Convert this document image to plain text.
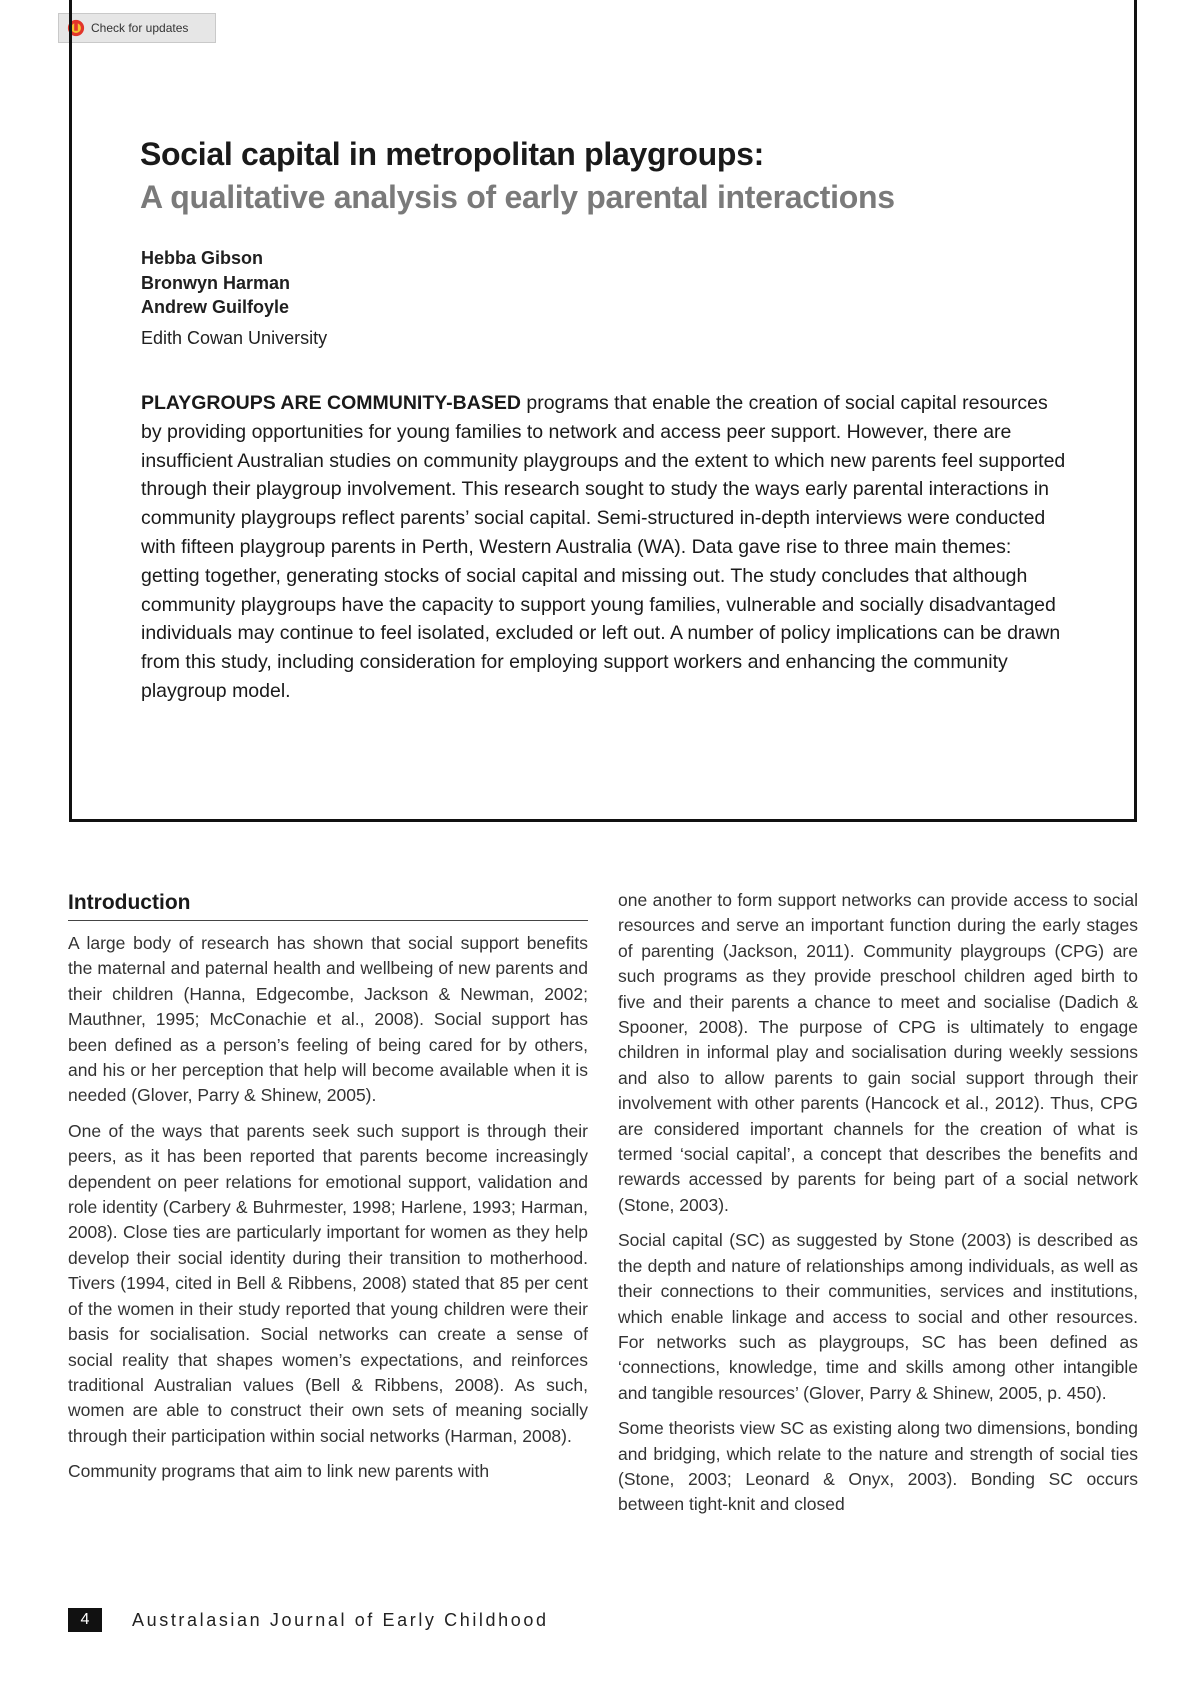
Check for updates
Social capital in metropolitan playgroups:
A qualitative analysis of early parental interactions
Hebba Gibson
Bronwyn Harman
Andrew Guilfoyle
Edith Cowan University

PLAYGROUPS ARE COMMUNITY-BASED programs that enable the creation of social capital resources by providing opportunities for young families to network and access peer support. However, there are insufficient Australian studies on community playgroups and the extent to which new parents feel supported through their playgroup involvement. This research sought to study the ways early parental interactions in community playgroups reflect parents’ social capital. Semi-structured in-depth interviews were conducted with fifteen playgroup parents in Perth, Western Australia (WA). Data gave rise to three main themes: getting together, generating stocks of social capital and missing out. The study concludes that although community playgroups have the capacity to support young families, vulnerable and socially disadvantaged individuals may continue to feel isolated, excluded or left out. A number of policy implications can be drawn from this study, including consideration for employing support workers and enhancing the community playgroup model.

Introduction

A large body of research has shown that social support benefits the maternal and paternal health and wellbeing of new parents and their children (Hanna, Edgecombe, Jackson & Newman, 2002; Mauthner, 1995; McConachie et al., 2008). Social support has been defined as a person’s feeling of being cared for by others, and his or her perception that help will become available when it is needed (Glover, Parry & Shinew, 2005).

One of the ways that parents seek such support is through their peers, as it has been reported that parents become increasingly dependent on peer relations for emotional support, validation and role identity (Carbery & Buhrmester, 1998; Harlene, 1993; Harman, 2008). Close ties are particularly important for women as they help develop their social identity during their transition to motherhood. Tivers (1994, cited in Bell & Ribbens, 2008) stated that 85 per cent of the women in their study reported that young children were their basis for socialisation. Social networks can create a sense of social reality that shapes women’s expectations, and reinforces traditional Australian values (Bell & Ribbens, 2008). As such, women are able to construct their own sets of meaning socially through their participation within social networks (Harman, 2008).

Community programs that aim to link new parents with

one another to form support networks can provide access to social resources and serve an important function during the early stages of parenting (Jackson, 2011). Community playgroups (CPG) are such programs as they provide preschool children aged birth to five and their parents a chance to meet and socialise (Dadich & Spooner, 2008). The purpose of CPG is ultimately to engage children in informal play and socialisation during weekly sessions and also to allow parents to gain social support through their involvement with other parents (Hancock et al., 2012). Thus, CPG are considered important channels for the creation of what is termed ‘social capital’, a concept that describes the benefits and rewards accessed by parents for being part of a social network (Stone, 2003).

Social capital (SC) as suggested by Stone (2003) is described as the depth and nature of relationships among individuals, as well as their connections to their communities, services and institutions, which enable linkage and access to social and other resources. For networks such as playgroups, SC has been defined as ‘connections, knowledge, time and skills among other intangible and tangible resources’ (Glover, Parry & Shinew, 2005, p. 450).

Some theorists view SC as existing along two dimensions, bonding and bridging, which relate to the nature and strength of social ties (Stone, 2003; Leonard & Onyx, 2003). Bonding SC occurs between tight-knit and closed

4	Australasian Journal of Early Childhood
